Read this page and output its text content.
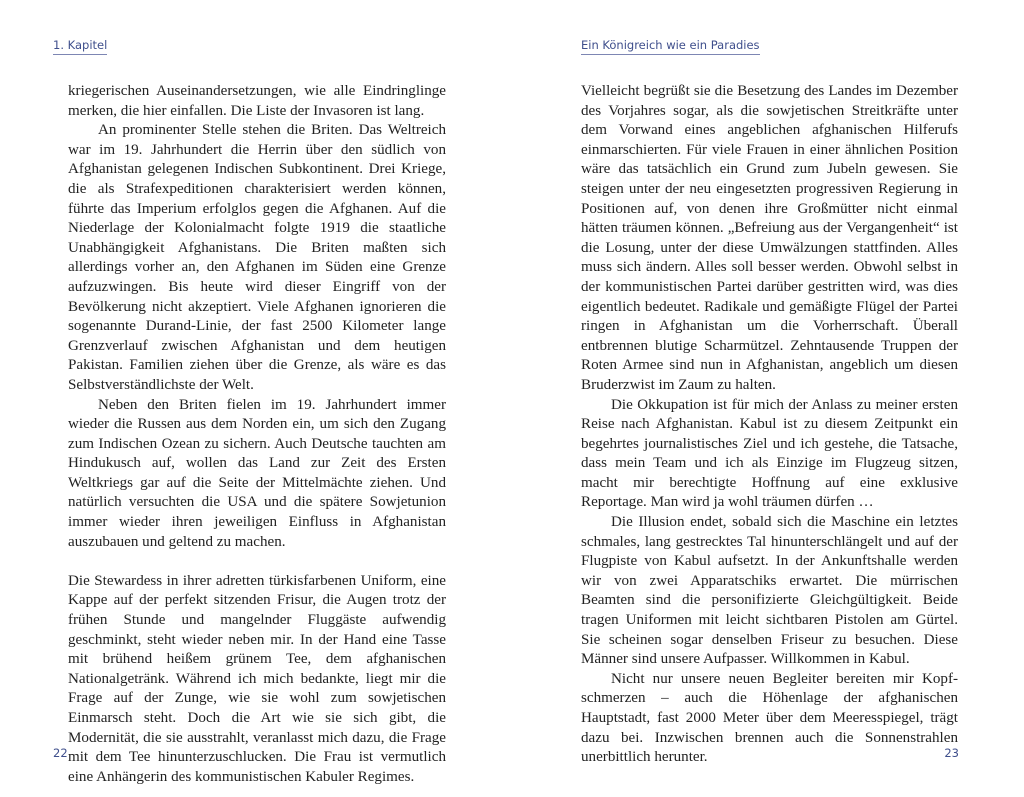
1. Kapitel

kriegerischen Auseinandersetzungen, wie alle Eindringlinge merken, die hier einfallen. Die Liste der Invasoren ist lang.

An prominenter Stelle stehen die Briten. Das Weltreich war im 19. Jahrhundert die Herrin über den südlich von Afghanistan gelegenen Indischen Subkontinent. Drei Kriege, die als Strafexpeditionen charakterisiert werden können, führte das Imperium erfolglos gegen die Afghanen. Auf die Niederlage der Kolonialmacht folgte 1919 die staatliche Unabhängigkeit Afghanistans. Die Briten maßten sich allerdings vorher an, den Afghanen im Süden eine Grenze aufzuzwingen. Bis heute wird dieser Eingriff von der Bevölkerung nicht akzeptiert. Viele Afghanen ignorieren die sogenannte Durand-Linie, der fast 2500 Kilometer lange Grenzverlauf zwischen Afghanistan und dem heutigen Pakistan. Familien ziehen über die Grenze, als wäre es das Selbstverständlichste der Welt.

Neben den Briten fielen im 19. Jahrhundert immer wieder die Russen aus dem Norden ein, um sich den Zugang zum Indischen Ozean zu sichern. Auch Deutsche tauchten am Hindukusch auf, wollen das Land zur Zeit des Ersten Weltkriegs gar auf die Seite der Mittelmächte ziehen. Und natürlich versuchten die USA und die spätere Sowjetunion immer wieder ihren jeweiligen Einfluss in Afghanistan auszubauen und geltend zu machen.

Die Stewardess in ihrer adretten türkisfarbenen Uniform, eine Kappe auf der perfekt sitzenden Frisur, die Augen trotz der frühen Stunde und mangelnder Fluggäste aufwendig geschminkt, steht wieder neben mir. In der Hand eine Tasse mit brühend heißem grünem Tee, dem afghanischen Nationalgetränk. Während ich mich bedankte, liegt mir die Frage auf der Zunge, wie sie wohl zum sowjetischen Einmarsch steht. Doch die Art wie sie sich gibt, die Modernität, die sie ausstrahlt, veranlasst mich dazu, die Frage mit dem Tee hinunterzuschlucken. Die Frau ist vermutlich eine Anhängerin des kommunistischen Kabuler Regimes.

22
Ein Königreich wie ein Paradies

Vielleicht begrüßt sie die Besetzung des Landes im Dezember des Vorjahres sogar, als die sowjetischen Streitkräfte unter dem Vorwand eines angeblichen afghanischen Hilferufs einmarschierten. Für viele Frauen in einer ähnlichen Position wäre das tatsächlich ein Grund zum Jubeln gewesen. Sie steigen unter der neu eingesetzten progressiven Regierung in Positionen auf, von denen ihre Großmütter nicht einmal hätten träumen können. „Befreiung aus der Vergangenheit“ ist die Losung, unter der diese Umwälzungen stattfinden. Alles muss sich ändern. Alles soll besser werden. Obwohl selbst in der kommunistischen Partei darüber gestritten wird, was dies eigentlich bedeutet. Radikale und gemäßigte Flügel der Partei ringen in Afghanistan um die Vorherrschaft. Überall entbrennen blutige Scharmützel. Zehntausende Truppen der Roten Armee sind nun in Afghanistan, angeblich um diesen Bruderzwist im Zaum zu halten.

Die Okkupation ist für mich der Anlass zu meiner ersten Reise nach Afghanistan. Kabul ist zu diesem Zeitpunkt ein begehrtes journalistisches Ziel und ich gestehe, die Tatsache, dass mein Team und ich als Einzige im Flugzeug sitzen, macht mir berechtigte Hoffnung auf eine exklusive Reportage. Man wird ja wohl träumen dürfen …

Die Illusion endet, sobald sich die Maschine ein letztes schmales, lang gestrecktes Tal hinunterschlängelt und auf der Flugpiste von Kabul aufsetzt. In der Ankunftshalle werden wir von zwei Apparatschiks erwartet. Die mürrischen Beamten sind die personifizierte Gleichgültigkeit. Beide tragen Uniformen mit leicht sichtbaren Pistolen am Gürtel. Sie scheinen sogar denselben Friseur zu besuchen. Diese Männer sind unsere Aufpasser. Willkommen in Kabul.

Nicht nur unsere neuen Begleiter bereiten mir Kopfschmerzen – auch die Höhenlage der afghanischen Hauptstadt, fast 2000 Meter über dem Meeresspiegel, trägt dazu bei. Inzwischen brennen auch die Sonnenstrahlen unerbittlich herunter.	23
